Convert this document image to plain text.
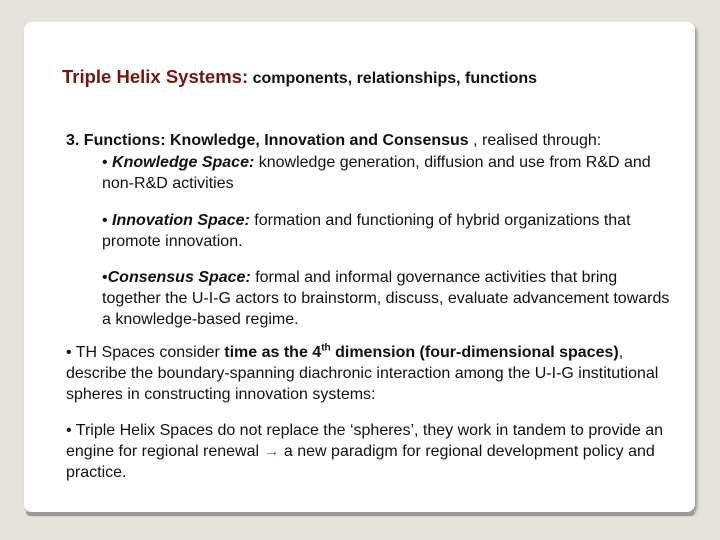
Triple Helix Systems: components, relationships, functions
3. Functions: Knowledge, Innovation and Consensus , realised through:
• Knowledge Space: knowledge generation, diffusion and use from R&D and non-R&D activities
• Innovation Space: formation and functioning of hybrid organizations that promote innovation.
•Consensus Space: formal and informal governance activities that bring together the U-I-G actors to brainstorm, discuss, evaluate advancement towards a knowledge-based regime.
• TH Spaces consider time as the 4th dimension (four-dimensional spaces), describe the boundary-spanning diachronic interaction among the U-I-G institutional spheres in constructing innovation systems:
• Triple Helix Spaces do not replace the ‘spheres’, they work in tandem to provide an engine for regional renewal → a new paradigm for regional development policy and practice.
